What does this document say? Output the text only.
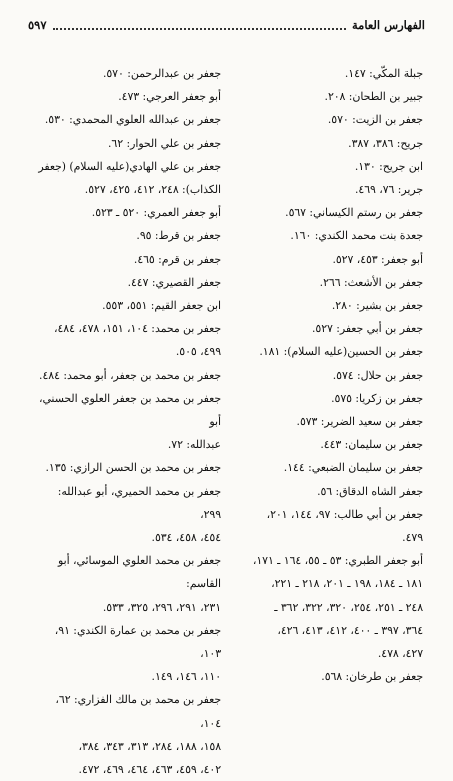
الفهارس العامة
٥٩٧

جبلة المكّي: ١٤٧.

جبير بن الطحان: ٢٠٨.

جعفر بن الزيت: ٥٧٠.

جريح: ٣٨٦، ٣٨٧.

ابن جريح: ١٣٠.

جرير: ٧٦، ٤٦٩.

جعفر بن رستم الكيساني: ٥٦٧.

جعدة بنت محمد الكندي: ١٦٠.

أبو جعفر: ٤٥٣، ٥٢٧.

جعفر بن الأشعث: ٢٦٦.

جعفر بن بشير: ٢٨٠.

جعفر بن أبي جعفر: ٥٢٧.

جعفر بن الحسين(عليه السلام): ١٨١.

جعفر بن حلال: ٥٧٤.

جعفر بن زكريا: ٥٧٥.

جعفر بن سعيد الضرير: ٥٧٣.

جعفر بن سليمان: ٤٤٣.

جعفر بن سليمان الضبعي: ١٤٤.

جعفر الشاه الدقاق: ٥٦.

جعفر بن أبي طالب: ٩٧، ١٤٤، ٢٠١، ٤٧٩.

أبو جعفر الطبري: ٥٣ ـ ٥٥، ١٦٤ ـ ١٧١،

١٨١ ـ ١٨٤، ١٩٨ ـ ٢٠١، ٢١٨ ـ ٢٢١،

٢٤٨ ـ ٢٥١، ٢٥٤، ٣٢٠، ٣٢٢، ٣٦٢ ـ

٣٦٤، ٣٩٧ ـ ٤٠٠، ٤١٢، ٤١٣، ٤٢٦،

٤٢٧، ٤٧٨.

جعفر بن طرخان: ٥٦٨.

جعفر بن عبدالرحمن: ٥٧٠.

أبو جعفر العرجي: ٤٧٣.

جعفر بن عبدالله العلوي المحمدي: ٥٣٠.

جعفر بن علي الحوار: ٦٢.

جعفر بن علي الهادي(عليه السلام) (جعفر

الكذاب): ٢٤٨، ٤١٢، ٤٢٥، ٥٢٧.

أبو جعفر العمري: ٥٢٠ ـ ٥٢٣.

جعفر بن قرط: ٩٥.

جعفر بن قرم: ٤٦٥.

جعفر القصيري: ٤٤٧.

ابن جعفر القيم: ٥٥١، ٥٥٣.

جعفر بن محمد: ١٠٤، ١٥١، ٤٧٨، ٤٨٤،

٤٩٩، ٥٠٥.

جعفر بن محمد بن جعفر، أبو محمد: ٤٨٤.

جعفر بن محمد بن جعفر العلوي الحسني، أبو

عبدالله: ٧٢.

جعفر بن محمد بن الحسن الرازي: ١٣٥.

جعفر بن محمد الحميري، أبو عبدالله: ٢٩٩،

٤٥٤، ٤٥٨، ٥٣٤.

جعفر بن محمد العلوي الموسائي، أبو القاسم:

٢٣١، ٢٩١، ٢٩٦، ٣٢٥، ٥٣٣.

جعفر بن محمد بن عمارة الكندي: ٩١، ١٠٣،

١١٠، ١٤٦، ١٤٩.

جعفر بن محمد بن مالك الفزاري: ٦٢، ١٠٤،

١٥٨، ١٨٨، ٢٨٤، ٣١٣، ٣٤٣، ٣٨٤،

٤٠٢، ٤٥٩، ٤٦٣، ٤٦٤، ٤٦٩، ٤٧٢.
